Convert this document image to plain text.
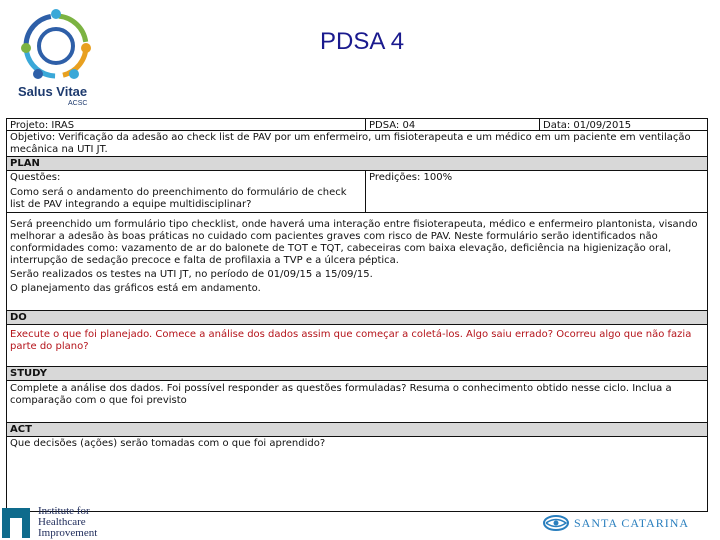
Salus Vitae
ACSC
PDSA 4
Projeto: IRAS	PDSA: 04	Data: 01/09/2015
Objetivo: Verificação da adesão ao check list de PAV por um enfermeiro, um fisioterapeuta e um médico em um paciente em ventilação mecânica na UTI JT.
PLAN
Questões:
Como será o andamento do preenchimento do formulário de check list de PAV integrando a equipe multidisciplinar?
Predições: 100%
Será preenchido um formulário tipo checklist, onde haverá uma interação entre fisioterapeuta, médico e enfermeiro plantonista, visando melhorar a adesão às boas práticas no cuidado com pacientes graves com risco de PAV. Neste formulário serão identificados não conformidades como: vazamento de ar do balonete de TOT e TQT, cabeceiras com baixa elevação, deficiência na higienização oral, interrupção de sedação precoce e falta de profilaxia a TVP e a úlcera péptica.
Serão realizados os testes na UTI JT, no período de 01/09/15 a 15/09/15.
O planejamento das gráficos está em andamento.
DO
Execute o que foi planejado. Comece a análise dos dados assim que começar a coletá-los. Algo saiu errado? Ocorreu algo que não fazia parte do plano?
STUDY
Complete a análise dos dados. Foi possível responder as questões formuladas? Resuma o conhecimento obtido nesse ciclo. Inclua a comparação com o que foi previsto
ACT
Que decisões (ações) serão tomadas com o que foi aprendido?
Institute for
Healthcare
Improvement
SANTA CATARINA
